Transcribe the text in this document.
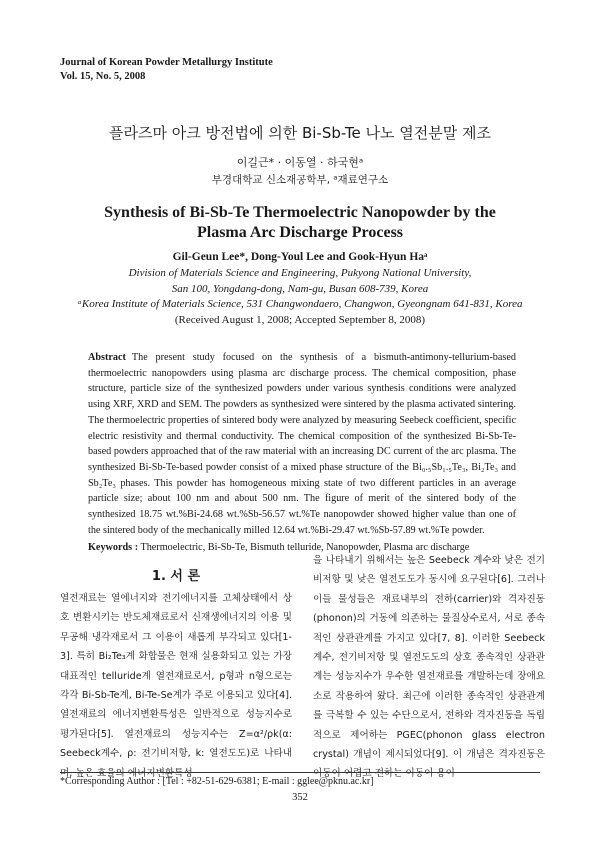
Journal of Korean Powder Metallurgy Institute
Vol. 15, No. 5, 2008
플라즈마 아크 방전법에 의한 Bi-Sb-Te 나노 열전분말 제조
이길근* · 이동열 · 하국현ᵃ
부경대학교 신소재공학부, ᵃ재료연구소
Synthesis of Bi-Sb-Te Thermoelectric Nanopowder by the
Plasma Arc Discharge Process
Gil-Geun Lee*, Dong-Youl Lee and Gook-Hyun Haᵃ
Division of Materials Science and Engineering, Pukyong National University,
San 100, Yongdang-dong, Nam-gu, Busan 608-739, Korea
ᵃKorea Institute of Materials Science, 531 Changwondaero, Changwon, Gyeongnam 641-831, Korea
(Received August 1, 2008; Accepted September 8, 2008)
Abstract The present study focused on the synthesis of a bismuth-antimony-tellurium-based thermoelectric nanopowders using plasma arc discharge process. The chemical composition, phase structure, particle size of the synthesized powders under various synthesis conditions were analyzed using XRF, XRD and SEM. The powders as synthesized were sintered by the plasma activated sintering. The thermoelectric properties of sintered body were analyzed by measuring Seebeck coefficient, specific electric resistivity and thermal conductivity. The chemical composition of the synthesized Bi-Sb-Te-based powders approached that of the raw material with an increasing DC current of the arc plasma. The synthesized Bi-Sb-Te-based powder consist of a mixed phase structure of the Bi₀.₅Sb₁.₅Te₃, Bi₂Te₃ and Sb₂Te₃ phases. This powder has homogeneous mixing state of two different particles in an average particle size; about 100 nm and about 500 nm. The figure of merit of the sintered body of the synthesized 18.75 wt.%Bi-24.68 wt.%Sb-56.57 wt.%Te nanopowder showed higher value than one of the sintered body of the mechanically milled 12.64 wt.%Bi-29.47 wt.%Sb-57.89 wt.%Te powder.
Keywords : Thermoelectric, Bi-Sb-Te, Bismuth telluride, Nanopowder, Plasma arc discharge
1. 서 론
열전재료는 열에너지와 전기에너지를 고체상태에서 상호 변환시키는 반도체재료로서 신재생에너지의 이용 및 무공해 냉각재로서 그 이용이 새롭게 부각되고 있다[1-3]. 특히 Bi₂Te₃계 화합물은 현재 실용화되고 있는 가장 대표적인 telluride계 열전재료로서, p형과 n형으로는 각각 Bi-Sb-Te계, Bi-Te-Se계가 주로 이용되고 있다[4]. 열전재료의 에너지변환특성은 일반적으로 성능지수로 평가된다[5]. 열전재료의 성능지수는 Z=α²/ρk(α: Seebeck계수, ρ: 전기비저항, k: 열전도도)로 나타내며, 높은 효율의 에너지변환특성
을 나타내기 위해서는 높은 Seebeck 계수와 낮은 전기비저항 및 낮은 열전도도가 동시에 요구된다[6]. 그러나 이들 물성들은 재료내부의 전하(carrier)와 격자진동(phonon)의 거동에 의존하는 물질상수로서, 서로 종속적인 상관관계를 가지고 있다[7, 8]. 이러한 Seebeck 계수, 전기비저항 및 열전도도의 상호 종속적인 상관관계는 성능지수가 우수한 열전재료를 개발하는데 장애요소로 작용하여 왔다. 최근에 이러한 종속적인 상관관계를 극복할 수 있는 수단으로서, 전하와 격자진동을 독립적으로 제어하는 PGEC(phonon glass electron crystal) 개념이 제시되었다[9]. 이 개념은 격자진동은 이동이 어렵고 전하는 이동이 용이
*Corresponding Author : [Tel : +82-51-629-6381; E-mail : gglee@pknu.ac.kr]
352
